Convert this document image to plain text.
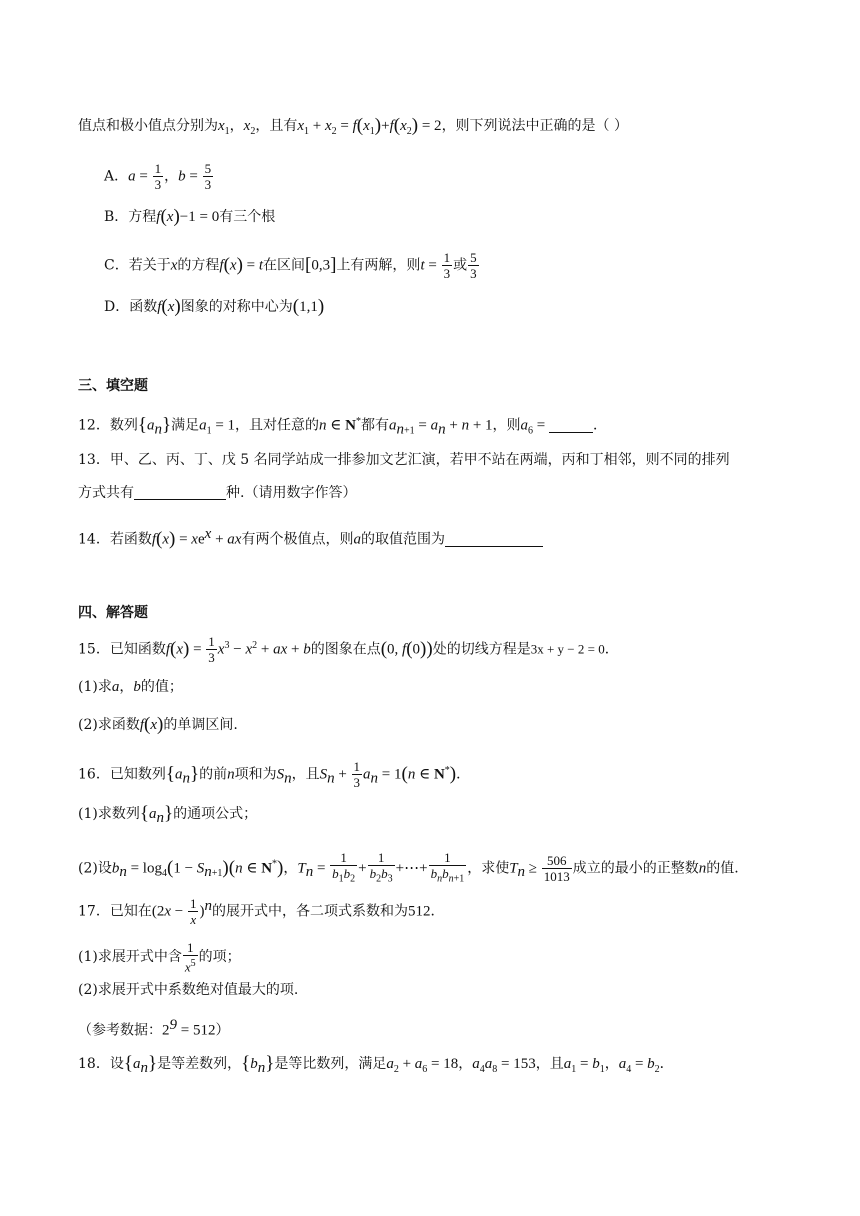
值点和极小值点分别为$x_1$，$x_2$，且有$x_1 + x_2 = f(x_1)+f(x_2) = 2$，则下列说法中正确的是（ ）
A．$a = \frac{1}{3}$ ，$b = \frac{5}{3}$
B．方程f(x)−1 = 0有三个根
C．若关于x的方程f(x) = t在区间[0,3]上有两解，则$t = \frac{1}{3}$ 或 $\frac{5}{3}$
D．函数f(x)图象的对称中心为(1,1)
三、填空题
12．数列$\{a_n\}$满足$a_1 = 1$，且对任意的n ∈ N*都有$a_{n+1} = a_n + n + 1$，则$a_6$ =	．
13．甲、乙、丙、丁、戊 5 名同学站成一排参加文艺汇演，若甲不站在两端，丙和丁相邻，则不同的排列
方式共有	种.（请用数字作答）
14．若函数$f(x) = xe^x$ + ax有两个极值点，则a的取值范围为
四、解答题
15．已知函数$f(x) = \frac{1}{3} x^3 - x^2$ + ax + b的图象在点(0, f(0))处的切线方程是3x + y − 2 = 0．
(1)求a，b的值；
(2)求函数f(x)的单调区间.
16．已知数列$\{a_n\}$的前n项和为$S_n$，且$S_n + \frac{1}{3} a_n = 1(n$ ∈ N*)．
(1)求数列$\{a_n\}$的通项公式；
(2)设$b_n = \log_4(1 - S_{n+1})(n$ ∈ N*)，$T_n = \frac{1}{b_1b_2} + \frac{1}{b_2b_3}$ +⋯+ $\frac{1}{b_nb_{n+1}}$ ，求使$T_n \ge \frac{506}{1013}$ 成立的最小的正整数n的值.
17．已知在$(2x - \frac{1}{x} )^n$的展开式中，各二项式系数和为512．
(1)求展开式中含 $\frac{1}{x^5}$ 的项；
(2)求展开式中系数绝对值最大的项.
（参考数据：$2^9 = 512$）
18．设$\{a_n\}$是等差数列，$\{b_n\}$是等比数列，满足$a_2 + a_6 = 18$，$a_4a_8 = 153$，且$a_1 = b_1$，$a_4 = b_2$．
